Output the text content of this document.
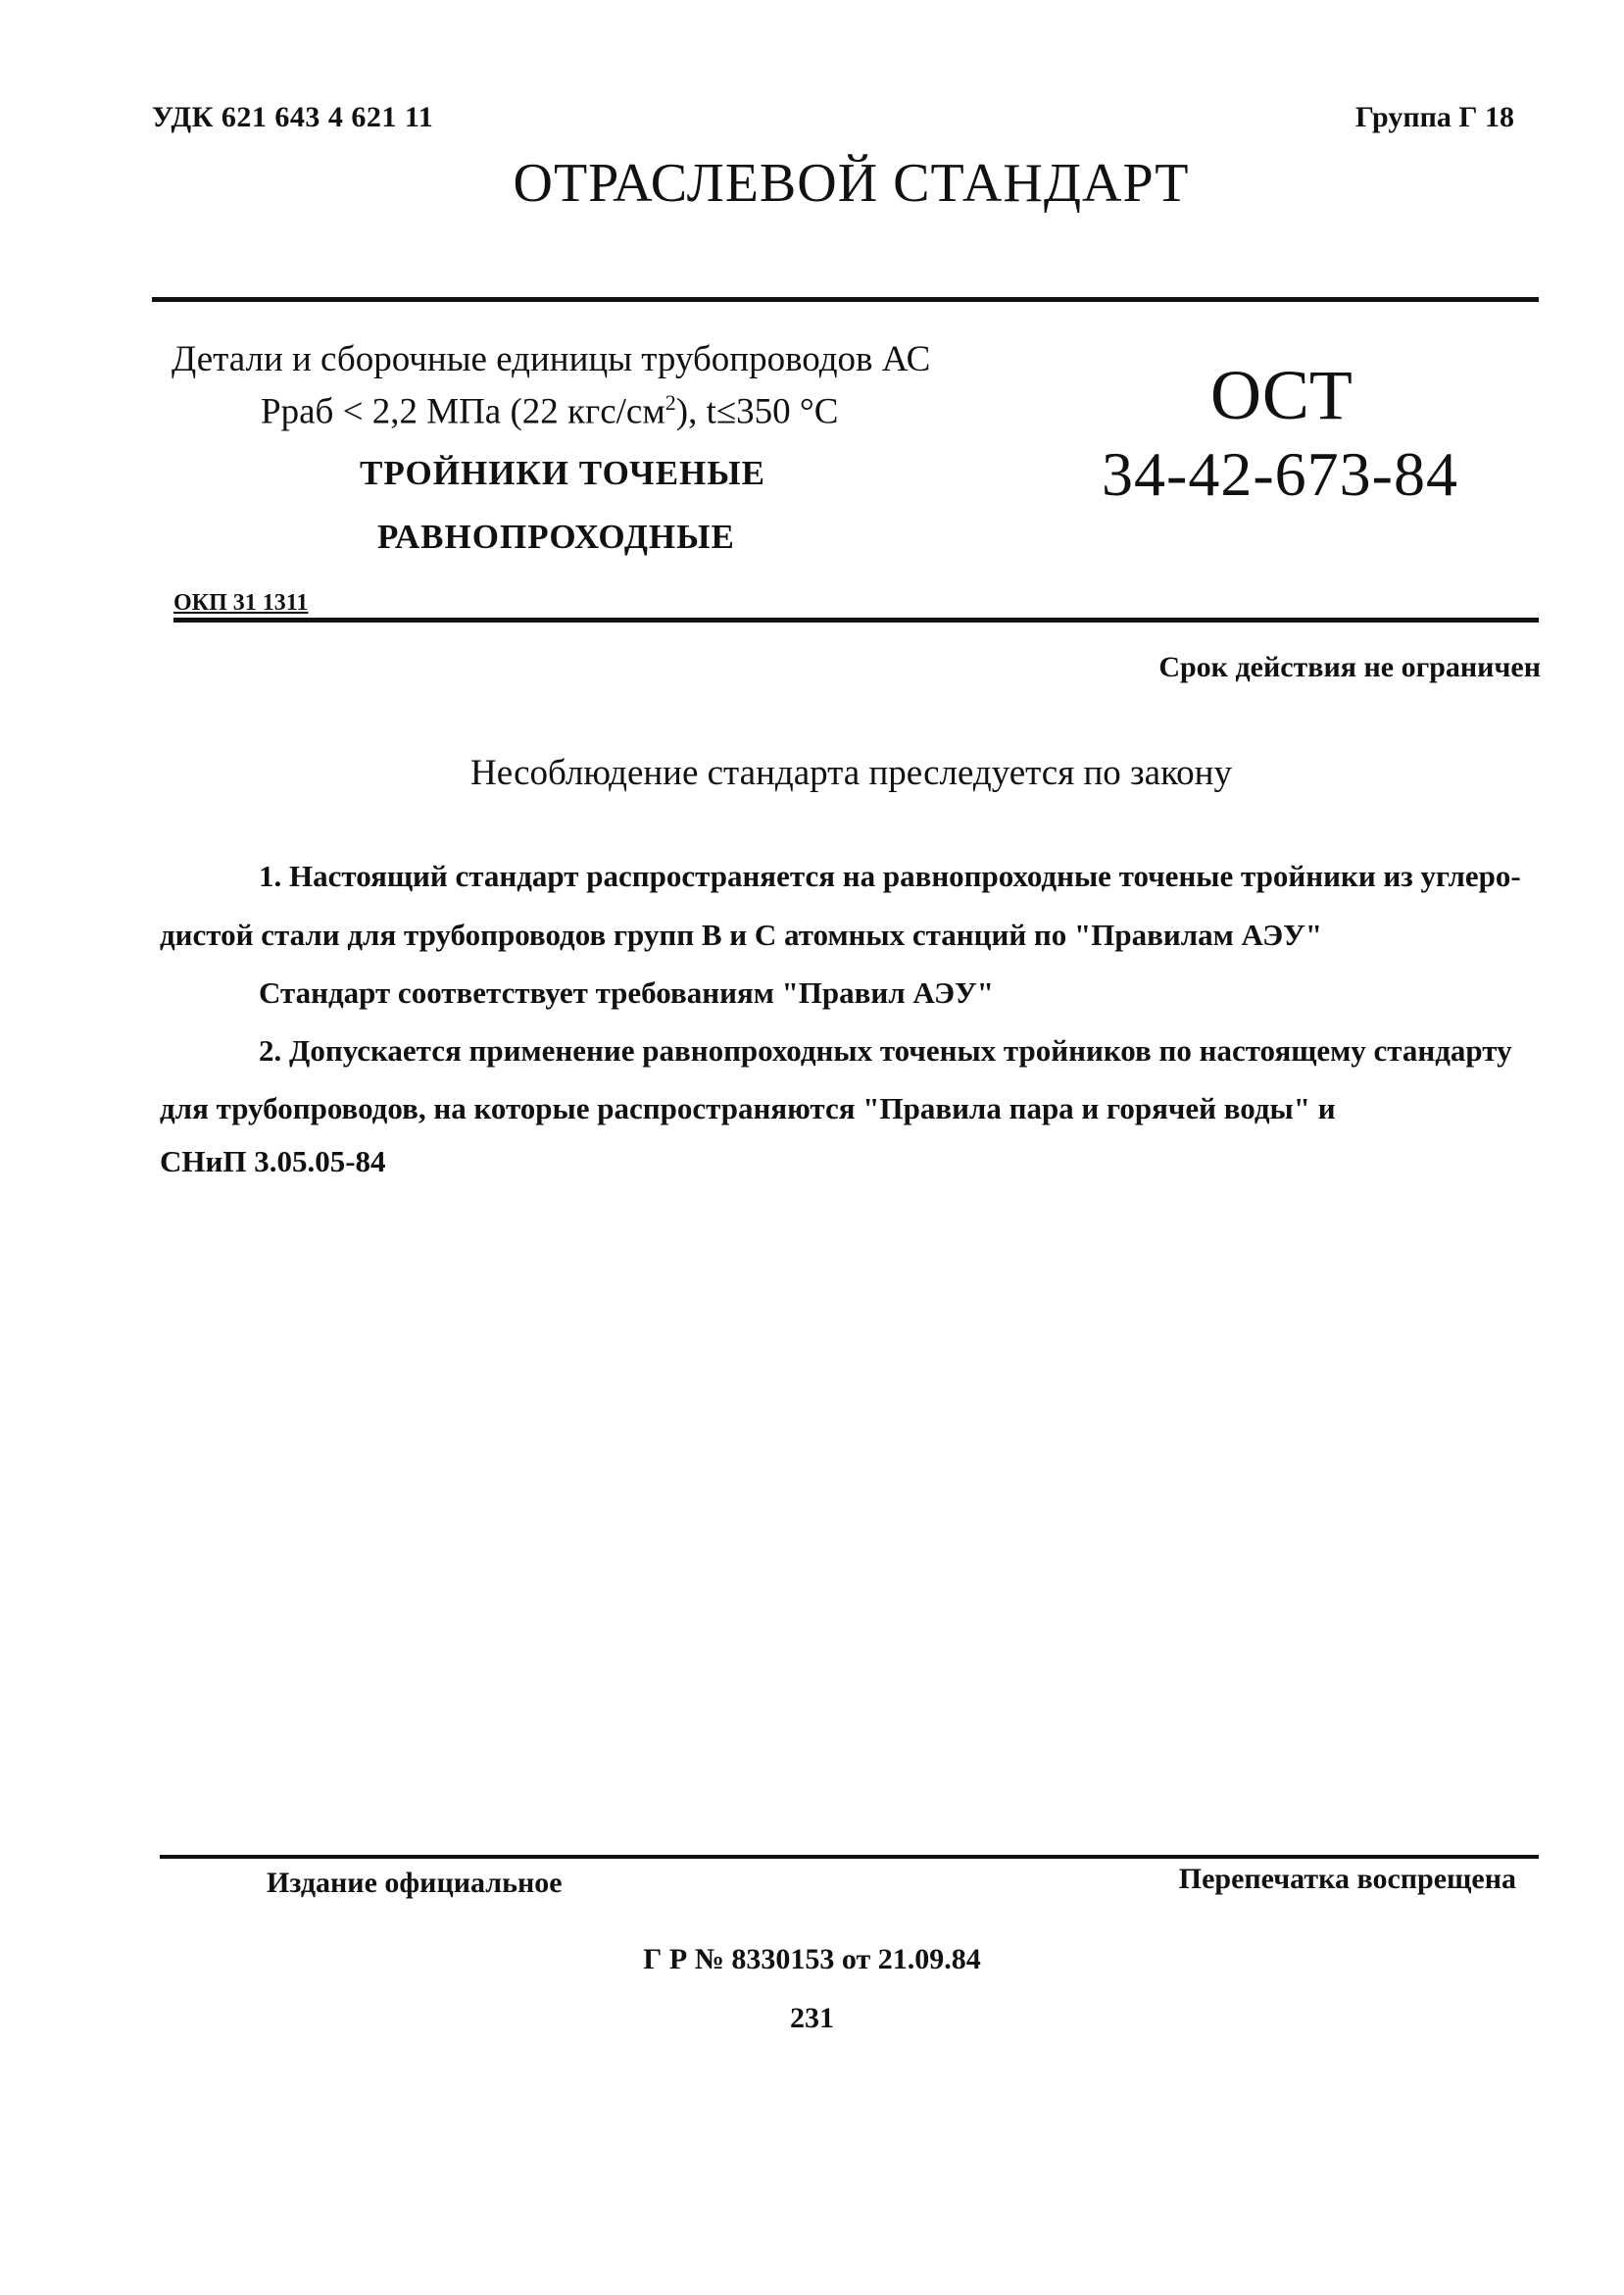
УДК 621 643 4 621 11	Группа Г 18
ОТРАСЛЕВОЙ СТАНДАРТ
Детали и сборочные единицы трубопроводов АС
Рраб < 2,2 МПа (22 кгс/$см^2$), t≤350 °С
ТРОЙНИКИ ТОЧЕНЫЕ
РАВНОПРОХОДНЫЕ
ОСТ
34-42-673-84
ОКП 31 1311
Срок действия не ограничен
Несоблюдение стандарта преследуется по закону
1. Настоящий стандарт распространяется на равнопроходные точеные тройники из углеро-
дистой стали для трубопроводов групп В и С атомных станций по "Правилам АЭУ"
Стандарт соответствует требованиям "Правил АЭУ"
2. Допускается применение равнопроходных точеных тройников по настоящему стандарту
для трубопроводов, на которые распространяются "Правила пара и горячей воды" и
СНиП 3.05.05-84
Издание официальное	Перепечатка воспрещена
Г Р № 8330153 от 21.09.84
231
